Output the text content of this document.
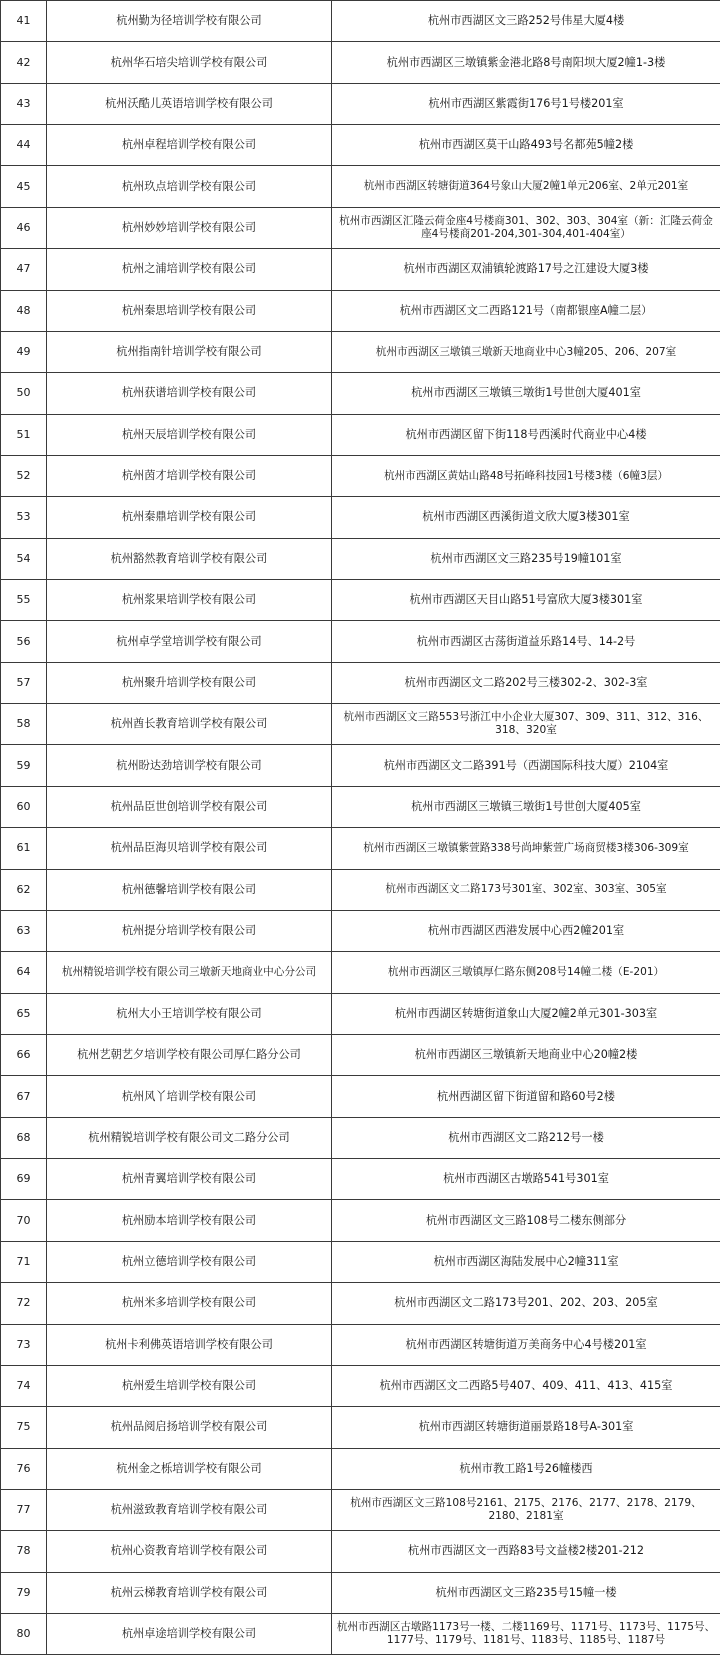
41	杭州勤为径培训学校有限公司	杭州市西湖区文三路252号伟星大厦4楼
42	杭州华石培尖培训学校有限公司	杭州市西湖区三墩镇紫金港北路8号南阳坝大厦2幢1-3楼
43	杭州沃酷儿英语培训学校有限公司	杭州市西湖区紫霞街176号1号楼201室
44	杭州卓程培训学校有限公司	杭州市西湖区莫干山路493号名都苑5幢2楼
45	杭州玖点培训学校有限公司	杭州市西湖区转塘街道364号象山大厦2幢1单元206室、2单元201室
46	杭州妙妙培训学校有限公司	杭州市西湖区汇隆云荷金座4号楼商301、302、303、304室（新：汇隆云荷金座4号楼商201-204,301-304,401-404室）
47	杭州之浦培训学校有限公司	杭州市西湖区双浦镇轮渡路17号之江建设大厦3楼
48	杭州秦思培训学校有限公司	杭州市西湖区文二西路121号（南都银座A幢二层）
49	杭州指南针培训学校有限公司	杭州市西湖区三墩镇三墩新天地商业中心3幢205、206、207室
50	杭州获谱培训学校有限公司	杭州市西湖区三墩镇三墩街1号世创大厦401室
51	杭州天辰培训学校有限公司	杭州市西湖区留下街118号西溪时代商业中心4楼
52	杭州茵才培训学校有限公司	杭州市西湖区黄姑山路48号拓峰科技园1号楼3楼（6幢3层）
53	杭州秦鼎培训学校有限公司	杭州市西湖区西溪街道文欣大厦3楼301室
54	杭州豁然教育培训学校有限公司	杭州市西湖区文三路235号19幢101室
55	杭州浆果培训学校有限公司	杭州市西湖区天目山路51号富欣大厦3楼301室
56	杭州卓学堂培训学校有限公司	杭州市西湖区古荡街道益乐路14号、14-2号
57	杭州聚升培训学校有限公司	杭州市西湖区文二路202号三楼302-2、302-3室
58	杭州酋长教育培训学校有限公司	杭州市西湖区文三路553号浙江中小企业大厦307、309、311、312、316、318、320室
59	杭州盼达劲培训学校有限公司	杭州市西湖区文二路391号（西湖国际科技大厦）2104室
60	杭州品臣世创培训学校有限公司	杭州市西湖区三墩镇三墩街1号世创大厦405室
61	杭州品臣海贝培训学校有限公司	杭州市西湖区三墩镇紫萱路338号尚坤紫萱广场商贸楼3楼306-309室
62	杭州德馨培训学校有限公司	杭州市西湖区文二路173号301室、302室、303室、305室
63	杭州提分培训学校有限公司	杭州市西湖区西港发展中心西2幢201室
64	杭州精锐培训学校有限公司三墩新天地商业中心分公司	杭州市西湖区三墩镇厚仁路东侧208号14幢二楼（E-201）
65	杭州大小王培训学校有限公司	杭州市西湖区转塘街道象山大厦2幢2单元301-303室
66	杭州艺朝艺夕培训学校有限公司厚仁路分公司	杭州市西湖区三墩镇新天地商业中心20幢2楼
67	杭州风丫培训学校有限公司	杭州西湖区留下街道留和路60号2楼
68	杭州精锐培训学校有限公司文二路分公司	杭州市西湖区文二路212号一楼
69	杭州青翼培训学校有限公司	杭州市西湖区古墩路541号301室
70	杭州励本培训学校有限公司	杭州市西湖区文三路108号二楼东侧部分
71	杭州立德培训学校有限公司	杭州市西湖区海陆发展中心2幢311室
72	杭州米多培训学校有限公司	杭州市西湖区文二路173号201、202、203、205室
73	杭州卡利佛英语培训学校有限公司	杭州市西湖区转塘街道万美商务中心4号楼201室
74	杭州爱生培训学校有限公司	杭州市西湖区文二西路5号407、409、411、413、415室
75	杭州品阅启扬培训学校有限公司	杭州市西湖区转塘街道丽景路18号A-301室
76	杭州金之栎培训学校有限公司	杭州市教工路1号26幢楼西
77	杭州滋致教育培训学校有限公司	杭州市西湖区文三路108号2161、2175、2176、2177、2178、2179、2180、2181室
78	杭州心资教育培训学校有限公司	杭州市西湖区文一西路83号文益楼2楼201-212
79	杭州云梯教育培训学校有限公司	杭州市西湖区文三路235号15幢一楼
80	杭州卓途培训学校有限公司	杭州市西湖区古墩路1173号一楼、二楼1169号、1171号、1173号、1175号、1177号、1179号、1181号、1183号、1185号、1187号
